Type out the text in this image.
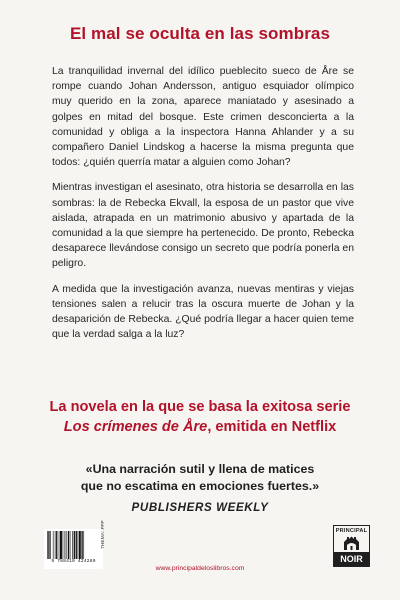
El mal se oculta en las sombras

La tranquilidad invernal del idílico pueblecito sueco de Åre se rompe cuando Johan Andersson, antiguo esquiador olímpico muy querido en la zona, aparece maniatado y asesinado a golpes en mitad del bosque. Este crimen desconcierta a la comunidad y obliga a la inspectora Hanna Ahlander y a su compañero Daniel Lindskog a hacerse la misma pregunta que todos: ¿quién querría matar a alguien como Johan?

Mientras investigan el asesinato, otra historia se desarrolla en las sombras: la de Rebecka Ekvall, la esposa de un pastor que vive aislada, atrapada en un matrimonio abusivo y apartada de la comunidad a la que siempre ha pertenecido. De pronto, Rebecka desaparece llevándose consigo un secreto que podría ponerla en peligro.

A medida que la investigación avanza, nuevas mentiras y viejas tensiones salen a relucir tras la oscura muerte de Johan y la desaparición de Rebecka. ¿Qué podría llegar a hacer quien teme que la verdad salga a la luz?

La novela en la que se basa la exitosa serie
Los crímenes de Åre, emitida en Netflix
«Una narración sutil y llena de matices
que no escatima en emociones fuertes.»
PUBLISHERS WEEKLY
9 788410 424289
THEMA: FFP
www.principaldeloslibros.com
PRINCIPAL
NOIR
